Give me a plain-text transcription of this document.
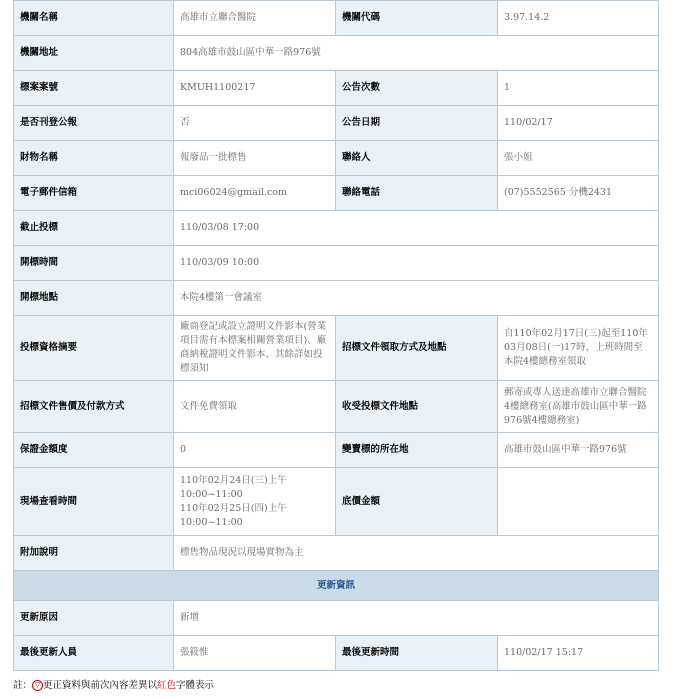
機關名稱	高雄市立聯合醫院	機關代碼	3.97.14.2
機關地址	804高雄市鼓山區中華一路976號		
標案案號	KMUH1100217	公告次數	1
是否刊登公報	否	公告日期	110/02/17
財物名稱	報廢品一批標售	聯絡人	張小姐
電子郵件信箱	mci06024@gmail.com	聯絡電話	(07)5552565 分機2431
截止投標	110/03/08 17:00		
開標時間	110/03/09 10:00		
開標地點	本院4樓第一會議室		
投標資格摘要	廠商登記或設立證明文件影本(營業項目需有本標案相關營業項目)、廠商納稅證明文件影本、其餘詳如投標須知	招標文件領取方式及地點	自110年02月17日(三)起至110年03月08日(一)17時，上班時間至本院4樓總務室領取
招標文件售價及付款方式	文件免費領取	收受投標文件地點	郵寄或專人送達高雄市立聯合醫院4樓總務室(高雄市鼓山區中華一路976號4樓總務室)
保證金額度	0	變賣標的所在地	高雄市鼓山區中華一路976號
現場查看時間	110年02月24日(三)上午
10:00~11:00
110年02月25日(四)上午
10:00~11:00	底價金額	
附加說明	標售物品現況以現場實物為主		
更新資訊			
更新原因	新增		
最後更新人員	張筱惟	最後更新時間	110/02/17 15:17
註： ▽ 更正資料與前次內容差異以紅色字體表示
